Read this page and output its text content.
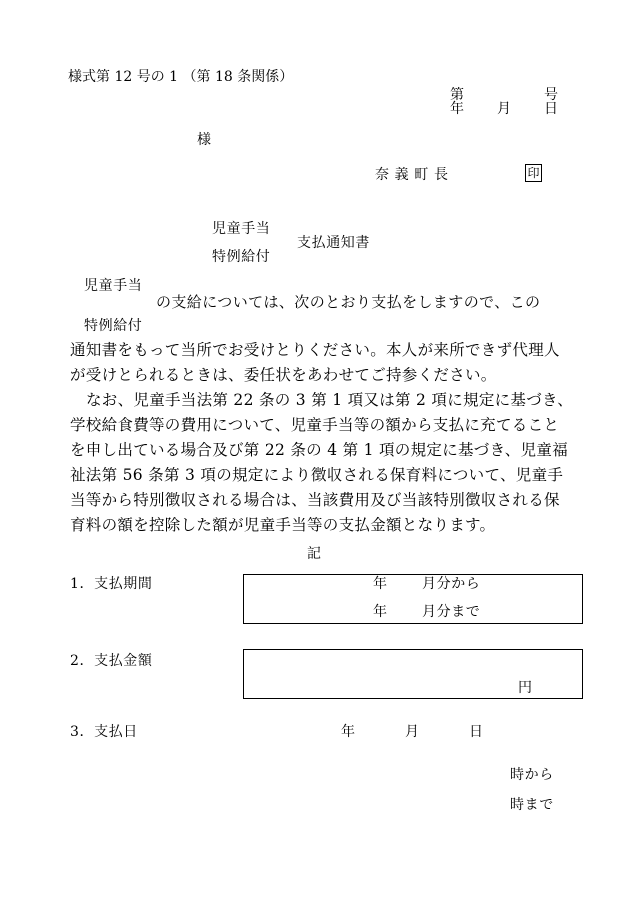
様式第 12 号の 1 （第 18 条関係）
第	号
年 月 日
様
奈 義 町 長	印
児童手当
支払通知書
特例給付
児童手当
の支給については、次のとおり支払をしますので、この
特例給付
通知書をもって当所でお受けとりください。本人が来所できず代理人
が受けとられるときは、委任状をあわせてご持参ください。
なお、児童手当法第 22 条の 3 第 1 項又は第 2 項に規定に基づき、
学校給食費等の費用について、児童手当等の額から支払に充てること
を申し出ている場合及び第 22 条の 4 第 1 項の規定に基づき、児童福
祉法第 56 条第 3 項の規定により徴収される保育料について、児童手
当等から特別徴収される場合は、当該費用及び当該特別徴収される保
育料の額を控除した額が児童手当等の支払金額となります。
記
1．支払期間	年	月分から
年	月分まで
2．支払金額
円
3．支払日	年	月	日
時から
時まで
